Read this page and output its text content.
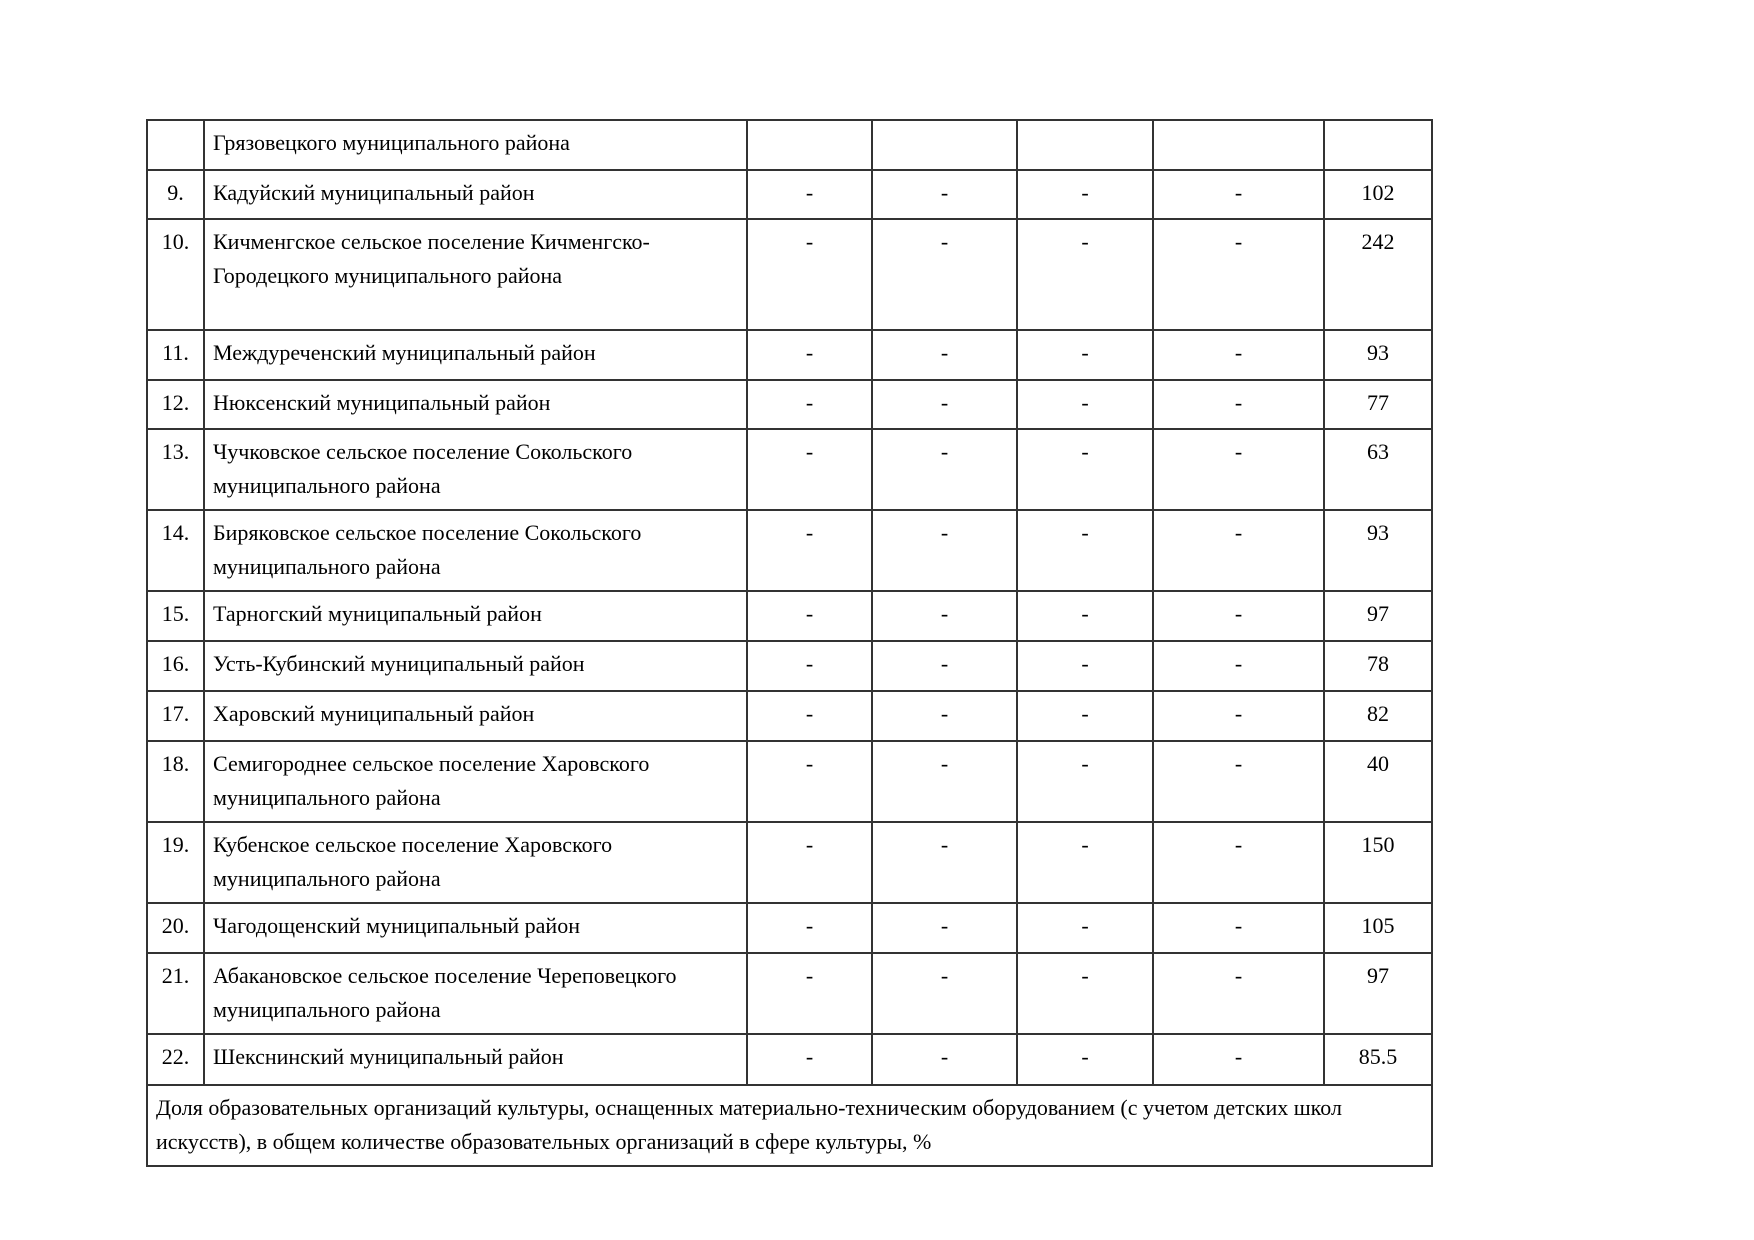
	Грязовецкого муниципального района					
9.	Кадуйский муниципальный район	-	-	-	-	102
10.	Кичменгское сельское поселение Кичменгско-Городецкого муниципального района	-	-	-	-	242
11.	Междуреченский муниципальный район	-	-	-	-	93
12.	Нюксенский муниципальный район	-	-	-	-	77
13.	Чучковское сельское поселение Сокольского муниципального района	-	-	-	-	63
14.	Биряковское сельское поселение Сокольского муниципального района	-	-	-	-	93
15.	Тарногский муниципальный район	-	-	-	-	97
16.	Усть-Кубинский муниципальный район	-	-	-	-	78
17.	Харовский муниципальный район	-	-	-	-	82
18.	Семигороднее сельское поселение Харовского муниципального района	-	-	-	-	40
19.	Кубенское сельское поселение Харовского муниципального района	-	-	-	-	150
20.	Чагодощенский муниципальный район	-	-	-	-	105
21.	Абакановское сельское поселение Череповецкого муниципального района	-	-	-	-	97
22.	Шекснинский муниципальный район	-	-	-	-	85.5
Доля образовательных организаций культуры, оснащенных материально-техническим оборудованием (с учетом детских школ искусств), в общем количестве образовательных организаций в сфере культуры, %						
